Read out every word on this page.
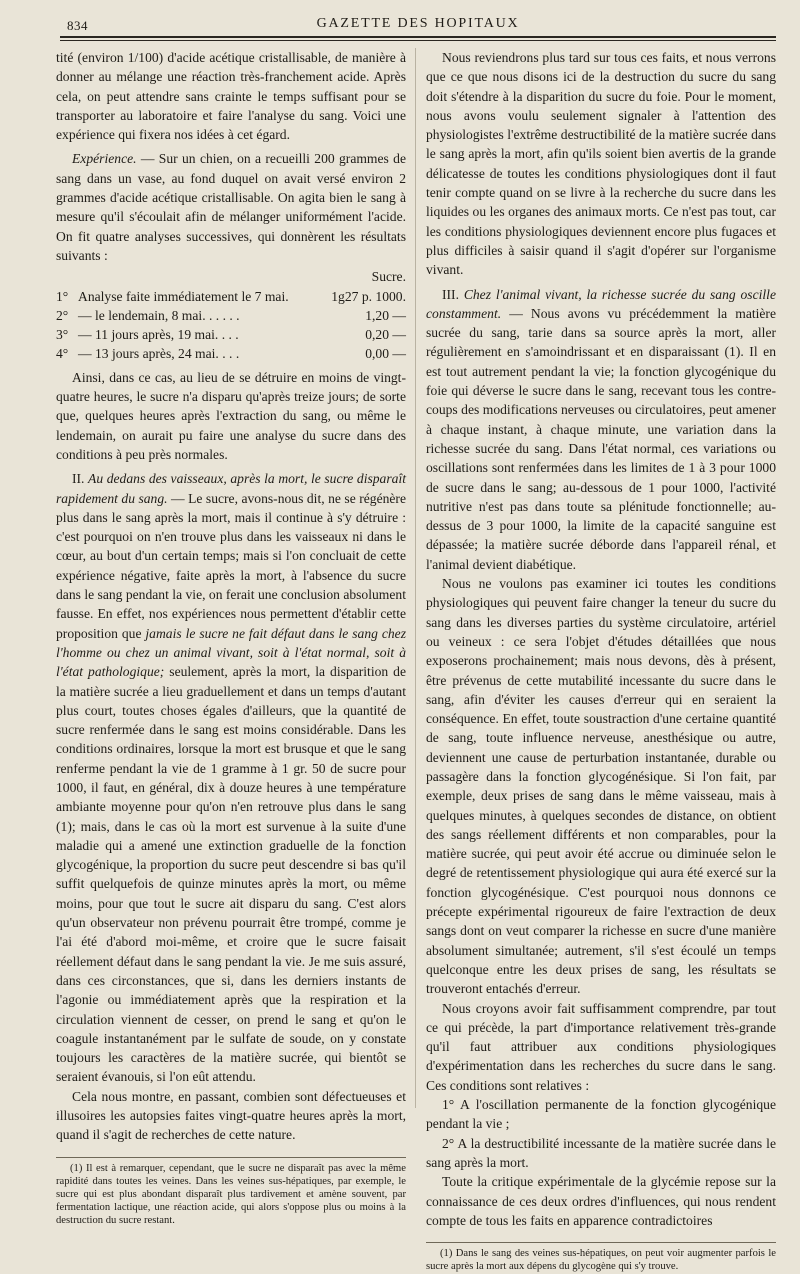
834	GAZETTE DES HOPITAUX

tité (environ 1/100) d'acide acétique cristallisable, de manière à donner au mélange une réaction très-franchement acide. Après cela, on peut attendre sans crainte le temps suffisant pour se transporter au laboratoire et faire l'analyse du sang. Voici une expérience qui fixera nos idées à cet égard.

Expérience. — Sur un chien, on a recueilli 200 grammes de sang dans un vase, au fond duquel on avait versé environ 2 grammes d'acide acétique cristallisable. On agita bien le sang à mesure qu'il s'écoulait afin de mélanger uniformément l'acide. On fit quatre analyses successives, qui donnèrent les résultats suivants :

		Sucre.
1°	Analyse faite immédiatement le 7 mai.	1g27 p. 1000.
2°	— le lendemain, 8 mai. . . . . .	1,20 —
3°	— 11 jours après, 19 mai. . . .	0,20 —
4°	— 13 jours après, 24 mai. . . .	0,00 —

Ainsi, dans ce cas, au lieu de se détruire en moins de vingt-quatre heures, le sucre n'a disparu qu'après treize jours; de sorte que, quelques heures après l'extraction du sang, ou même le lendemain, on aurait pu faire une analyse du sucre dans des conditions à peu près normales.

II. Au dedans des vaisseaux, après la mort, le sucre disparaît rapidement du sang. — Le sucre, avons-nous dit, ne se régénère plus dans le sang après la mort, mais il continue à s'y détruire : c'est pourquoi on n'en trouve plus dans les vaisseaux ni dans le cœur, au bout d'un certain temps; mais si l'on concluait de cette expérience négative, faite après la mort, à l'absence du sucre dans le sang pendant la vie, on ferait une conclusion absolument fausse. En effet, nos expériences nous permettent d'établir cette proposition que jamais le sucre ne fait défaut dans le sang chez l'homme ou chez un animal vivant, soit à l'état normal, soit à l'état pathologique; seulement, après la mort, la disparition de la matière sucrée a lieu graduellement et dans un temps d'autant plus court, toutes choses égales d'ailleurs, que la quantité de sucre renfermée dans le sang est moins considérable. Dans les conditions ordinaires, lorsque la mort est brusque et que le sang renferme pendant la vie de 1 gramme à 1 gr. 50 de sucre pour 1000, il faut, en général, dix à douze heures à une température ambiante moyenne pour qu'on n'en retrouve plus dans le sang (1); mais, dans le cas où la mort est survenue à la suite d'une maladie qui a amené une extinction graduelle de la fonction glycogénique, la proportion du sucre peut descendre si bas qu'il suffit quelquefois de quinze minutes après la mort, ou même moins, pour que tout le sucre ait disparu du sang. C'est alors qu'un observateur non prévenu pourrait être trompé, comme je l'ai été d'abord moi-même, et croire que le sucre faisait réellement défaut dans le sang pendant la vie. Je me suis assuré, dans ces circonstances, que si, dans les derniers instants de l'agonie ou immédiatement après que la respiration et la circulation viennent de cesser, on prend le sang et qu'on le coagule instantanément par le sulfate de soude, on y constate toujours les caractères de la matière sucrée, qui bientôt se seraient évanouis, si l'on eût attendu.

Cela nous montre, en passant, combien sont défectueuses et illusoires les autopsies faites vingt-quatre heures après la mort, quand il s'agit de recherches de cette nature.

(1) Il est à remarquer, cependant, que le sucre ne disparaît pas avec la même rapidité dans toutes les veines. Dans les veines sus-hépatiques, par exemple, le sucre qui est plus abondant disparaît plus tardivement et amène souvent, par fermentation lactique, une réaction acide, qui alors s'oppose plus ou moins à la destruction du sucre restant.

Nous reviendrons plus tard sur tous ces faits, et nous verrons que ce que nous disons ici de la destruction du sucre du sang doit s'étendre à la disparition du sucre du foie. Pour le moment, nous avons voulu seulement signaler à l'attention des physiologistes l'extrême destructibilité de la matière sucrée dans le sang après la mort, afin qu'ils soient bien avertis de la grande délicatesse de toutes les conditions physiologiques dont il faut tenir compte quand on se livre à la recherche du sucre dans les liquides ou les organes des animaux morts. Ce n'est pas tout, car les conditions physiologiques deviennent encore plus fugaces et plus difficiles à saisir quand il s'agit d'opérer sur l'organisme vivant.

III. Chez l'animal vivant, la richesse sucrée du sang oscille constamment. — Nous avons vu précédemment la matière sucrée du sang, tarie dans sa source après la mort, aller régulièrement en s'amoindrissant et en disparaissant (1). Il en est tout autrement pendant la vie; la fonction glycogénique du foie qui déverse le sucre dans le sang, recevant tous les contre-coups des modifications nerveuses ou circulatoires, peut amener à chaque instant, à chaque minute, une variation dans la richesse sucrée du sang. Dans l'état normal, ces variations ou oscillations sont renfermées dans les limites de 1 à 3 pour 1000 de sucre dans le sang; au-dessous de 1 pour 1000, l'activité nutritive n'est pas dans toute sa plénitude fonctionnelle; au-dessus de 3 pour 1000, la limite de la capacité sanguine est dépassée; la matière sucrée déborde dans l'appareil rénal, et l'animal devient diabétique.

Nous ne voulons pas examiner ici toutes les conditions physiologiques qui peuvent faire changer la teneur du sucre du sang dans les diverses parties du système circulatoire, artériel ou veineux : ce sera l'objet d'études détaillées que nous exposerons prochainement; mais nous devons, dès à présent, être prévenus de cette mutabilité incessante du sucre dans le sang, afin d'éviter les causes d'erreur qui en seraient la conséquence. En effet, toute soustraction d'une certaine quantité de sang, toute influence nerveuse, anesthésique ou autre, deviennent une cause de perturbation instantanée, durable ou passagère dans la fonction glycogénésique. Si l'on fait, par exemple, deux prises de sang dans le même vaisseau, mais à quelques minutes, à quelques secondes de distance, on obtient des sangs réellement différents et non comparables, pour la matière sucrée, qui peut avoir été accrue ou diminuée selon le degré de retentissement physiologique qui aura été exercé sur la fonction glycogénésique. C'est pourquoi nous donnons ce précepte expérimental rigoureux de faire l'extraction de deux sangs dont on veut comparer la richesse en sucre d'une manière absolument simultanée; autrement, s'il s'est écoulé un temps quelconque entre les deux prises de sang, les résultats se trouveront entachés d'erreur.

Nous croyons avoir fait suffisamment comprendre, par tout ce qui précède, la part d'importance relativement très-grande qu'il faut attribuer aux conditions physiologiques d'expérimentation dans les recherches du sucre dans le sang. Ces conditions sont relatives :

1° A l'oscillation permanente de la fonction glycogénique pendant la vie ;

2° A la destructibilité incessante de la matière sucrée dans le sang après la mort.

Toute la critique expérimentale de la glycémie repose sur la connaissance de ces deux ordres d'influences, qui nous rendent compte de tous les faits en apparence contradictoires

(1) Dans le sang des veines sus-hépatiques, on peut voir augmenter parfois le sucre après la mort aux dépens du glycogène qui s'y trouve.
